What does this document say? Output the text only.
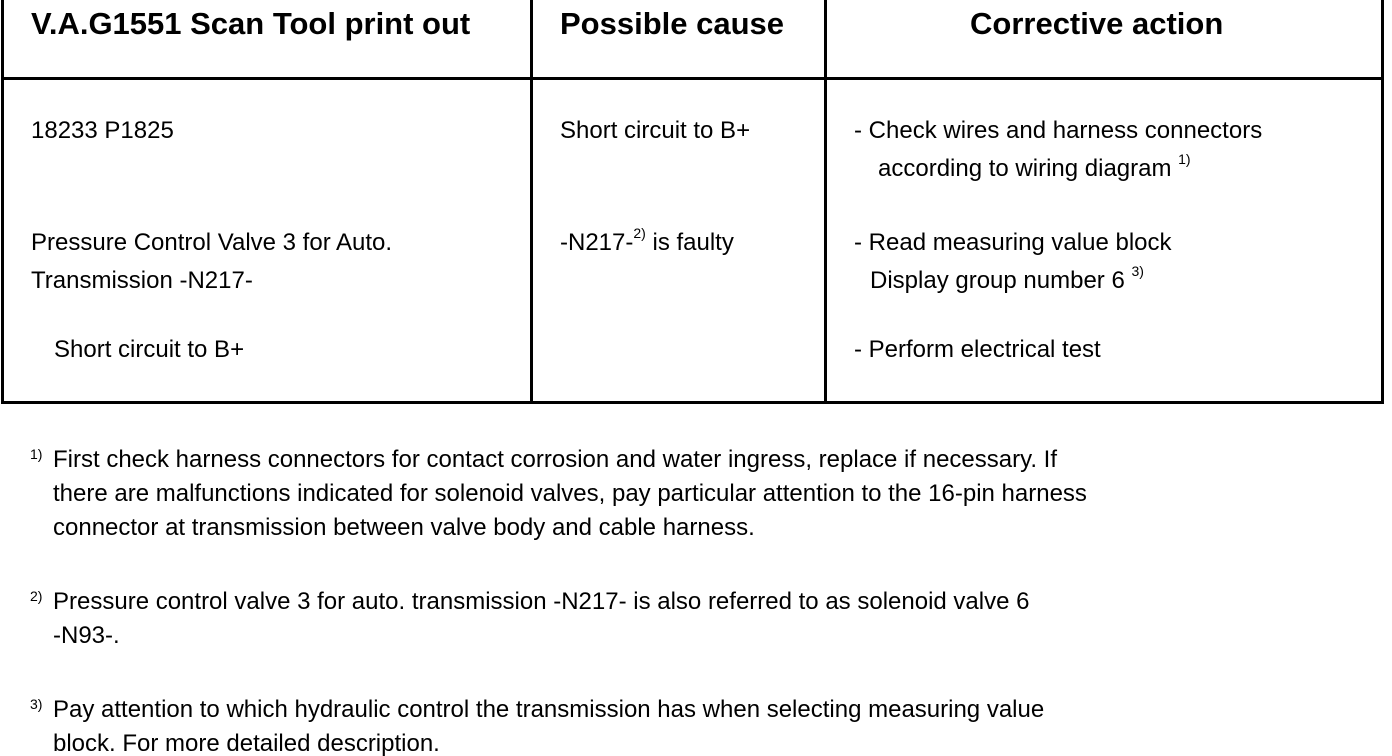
V.A.G1551 Scan Tool print out	Possible cause	Corrective action
18233 P1825
Pressure Control Valve 3 for Auto.
Transmission -N217-
Short circuit to B+
Short circuit to B+
-N217-$^{2)}$ is faulty
- Check wires and harness connectors
according to wiring diagram $^{1)}$
- Read measuring value block
Display group number 6 $^{3)}$
- Perform electrical test
1) First check harness connectors for contact corrosion and water ingress, replace if necessary. If
there are malfunctions indicated for solenoid valves, pay particular attention to the 16-pin harness
connector at transmission between valve body and cable harness.
2) Pressure control valve 3 for auto. transmission -N217- is also referred to as solenoid valve 6
-N93-.
3) Pay attention to which hydraulic control the transmission has when selecting measuring value
block. For more detailed description.
